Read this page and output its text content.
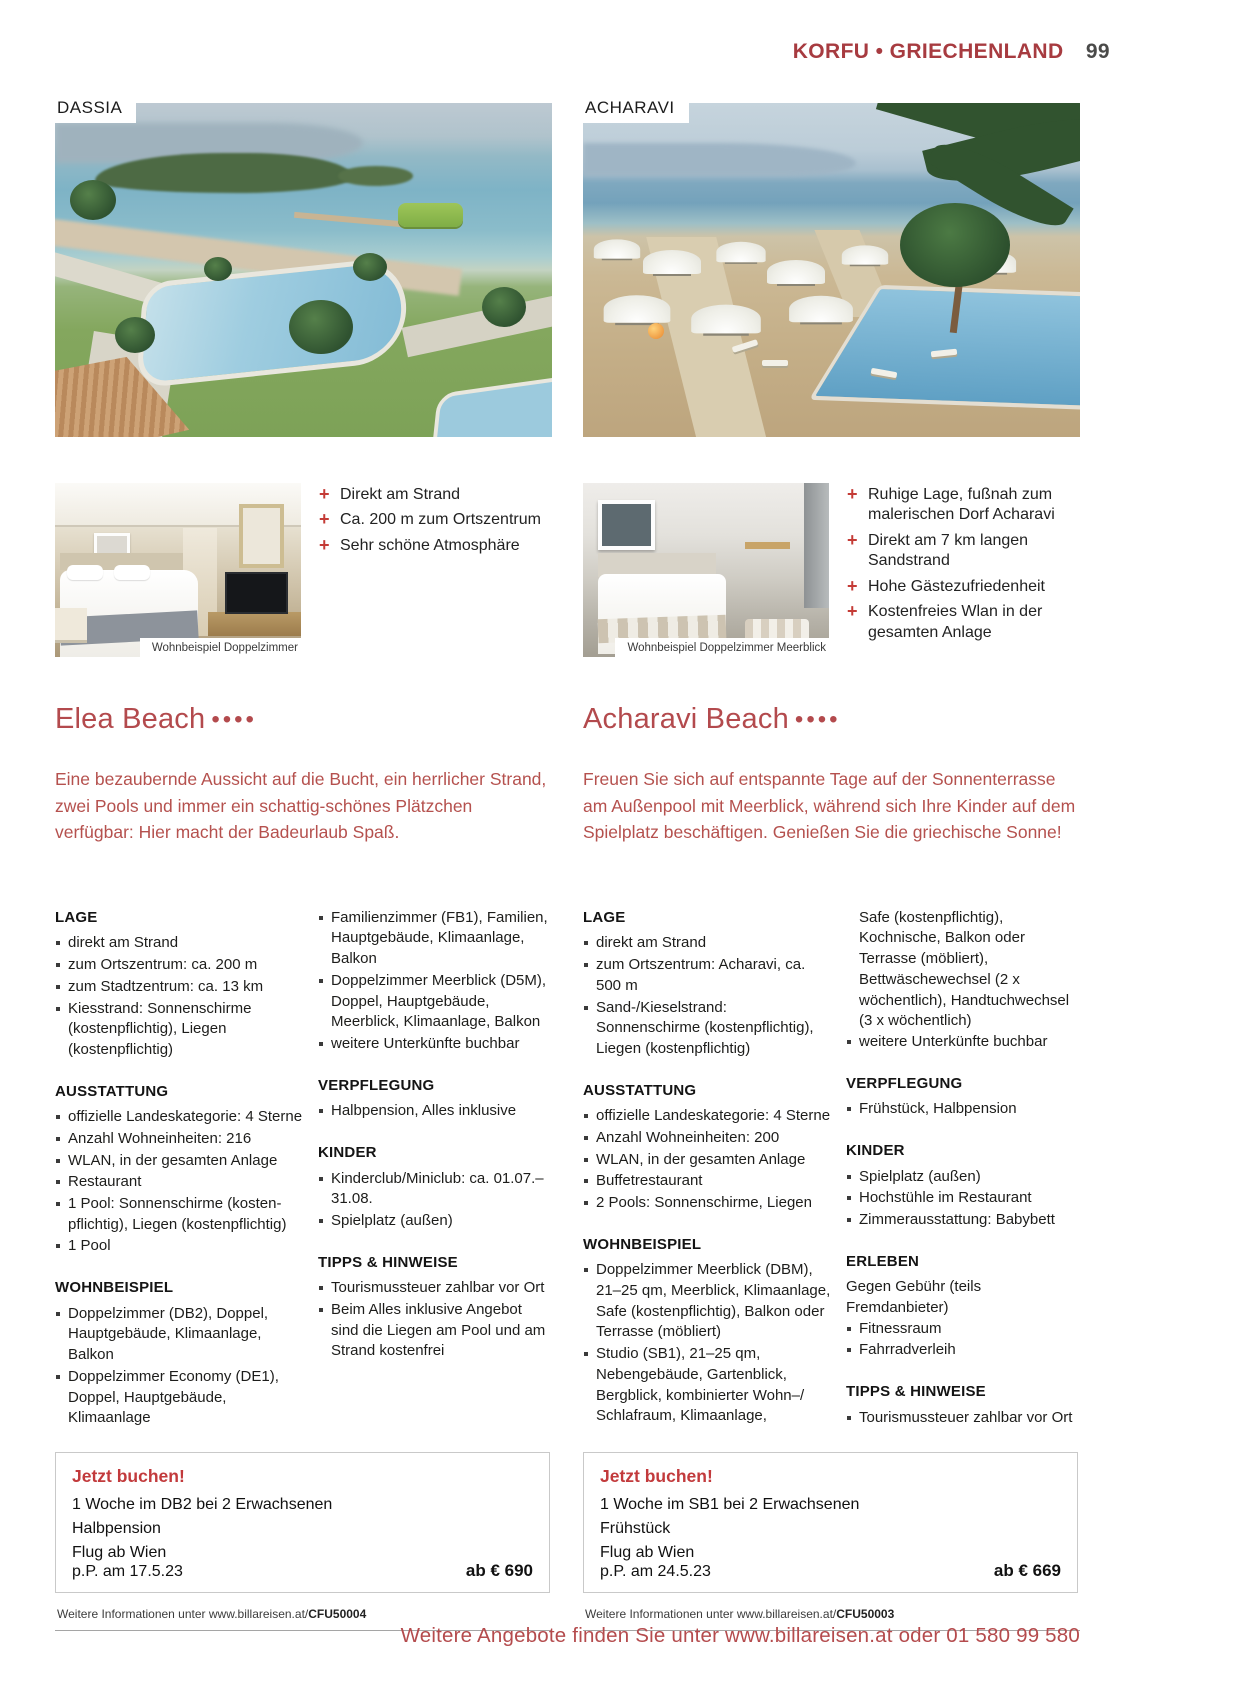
KORFU • GRIECHENLAND 99
DASSIA
Wohnbeispiel Doppelzimmer
+
Direkt am Strand
+
Ca. 200 m zum Ortszentrum
+
Sehr schöne Atmosphäre
Elea Beach ••••

Eine bezaubernde Aussicht auf die Bucht, ein herrlicher Strand, zwei Pools und immer ein schattig-schönes Plätzchen verfügbar: Hier macht der Badeurlaub Spaß.

LAGE
direkt am Strand
zum Ortszentrum: ca. 200 m
zum Stadtzentrum: ca. 13 km
Kiesstrand: Sonnenschirme (kostenpflichtig), Liegen (kostenpflichtig)
AUSSTATTUNG
offizielle Landeskategorie: 4 Sterne
Anzahl Wohneinheiten: 216
WLAN, in der gesamten Anlage
Restaurant
1 Pool: Sonnenschirme (kostenpflichtig), Liegen (kostenpflichtig)
1 Pool
WOHNBEISPIEL
Doppelzimmer (DB2), Doppel, Hauptgebäude, Klimaanlage, Balkon
Doppelzimmer Economy (DE1), Doppel, Hauptgebäude, Klimaanlage
Familienzimmer (FB1), Familien, Hauptgebäude, Klimaanlage, Balkon
Doppelzimmer Meerblick (D5M), Doppel, Hauptgebäude, Meerblick, Klimaanlage, Balkon
weitere Unterkünfte buchbar
VERPFLEGUNG
Halbpension, Alles inklusive
KINDER
Kinderclub/Miniclub: ca. 01.07.–31.08.
Spielplatz (außen)
TIPPS & HINWEISE
Tourismussteuer zahlbar vor Ort
Beim Alles inklusive Angebot sind die Liegen am Pool und am Strand kostenfrei
Jetzt buchen!
1 Woche im DB2 bei 2 Erwachsenen
Halbpension
Flug ab Wien
p.P. am 17.5.23	ab € 690
Weitere Informationen unter www.billareisen.at/CFU50004
ACHARAVI
Wohnbeispiel Doppelzimmer Meerblick
+
Ruhige Lage, fußnah zum malerischen Dorf Acharavi
+
Direkt am 7 km langen Sandstrand
+
Hohe Gästezufriedenheit
+
Kostenfreies Wlan in der gesamten Anlage
Acharavi Beach ••••

Freuen Sie sich auf entspannte Tage auf der Sonnenterrasse am Außenpool mit Meerblick, während sich Ihre Kinder auf dem Spielplatz beschäftigen. Genießen Sie die griechische Sonne!

LAGE
direkt am Strand
zum Ortszentrum: Acharavi, ca. 500 m
Sand-/Kieselstrand: Sonnenschirme (kostenpflichtig), Liegen (kostenpflichtig)
AUSSTATTUNG
offizielle Landeskategorie: 4 Sterne
Anzahl Wohneinheiten: 200
WLAN, in der gesamten Anlage
Buffetrestaurant
2 Pools: Sonnenschirme, Liegen
WOHNBEISPIEL
Doppelzimmer Meerblick (DBM), 21–25 qm, Meerblick, Klimaanlage, Safe (kostenpflichtig), Balkon oder Terrasse (möbliert)
Studio (SB1), 21–25 qm, Nebengebäude, Gartenblick, Bergblick, kombinierter Wohn–/ Schlafraum, Klimaanlage,
Safe (kostenpflichtig), Kochnische, Balkon oder Terrasse (möbliert), Bettwäschewechsel (2 x wöchentlich), Handtuchwechsel (3 x wöchentlich)
weitere Unterkünfte buchbar
VERPFLEGUNG
Frühstück, Halbpension
KINDER
Spielplatz (außen)
Hochstühle im Restaurant
Zimmerausstattung: Babybett
ERLEBEN
Gegen Gebühr (teils Fremdanbieter)
Fitnessraum
Fahrradverleih
TIPPS & HINWEISE
Tourismussteuer zahlbar vor Ort
Jetzt buchen!
1 Woche im SB1 bei 2 Erwachsenen
Frühstück
Flug ab Wien
p.P. am 24.5.23	ab € 669
Weitere Informationen unter www.billareisen.at/CFU50003
Weitere Angebote finden Sie unter www.billareisen.at oder 01 580 99 580
